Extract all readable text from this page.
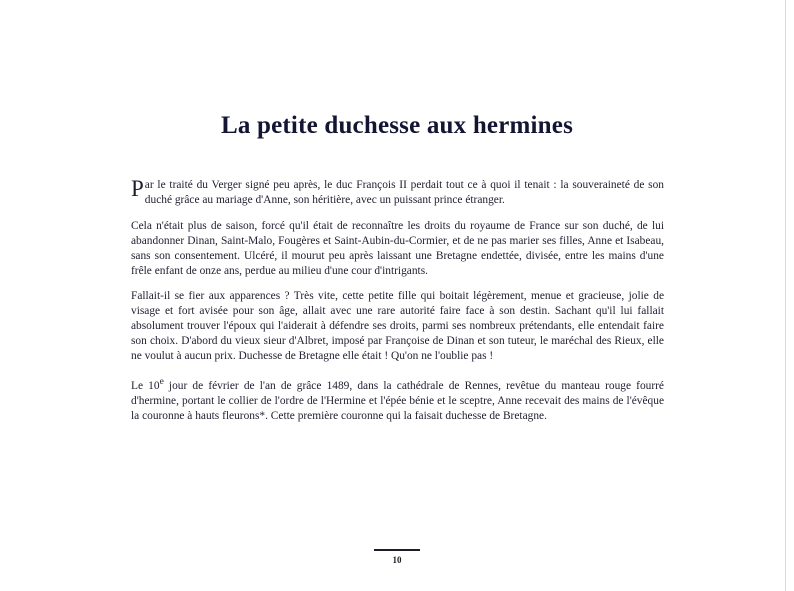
La petite duchesse aux hermines

Par le traité du Verger signé peu après, le duc François II perdait tout ce à quoi il tenait : la souveraineté de son duché grâce au mariage d'Anne, son héritière, avec un puissant prince étranger.

Cela n'était plus de saison, forcé qu'il était de reconnaître les droits du royaume de France sur son duché, de lui abandonner Dinan, Saint-Malo, Fougères et Saint-Aubin-du-Cormier, et de ne pas marier ses filles, Anne et Isabeau, sans son consentement. Ulcéré, il mourut peu après laissant une Bretagne endettée, divisée, entre les mains d'une frêle enfant de onze ans, perdue au milieu d'une cour d'intrigants.

Fallait-il se fier aux apparences ? Très vite, cette petite fille qui boitait légèrement, menue et gracieuse, jolie de visage et fort avisée pour son âge, allait avec une rare autorité faire face à son destin. Sachant qu'il lui fallait absolument trouver l'époux qui l'aiderait à défendre ses droits, parmi ses nombreux prétendants, elle entendait faire son choix. D'abord du vieux sieur d'Albret, imposé par Françoise de Dinan et son tuteur, le maréchal des Rieux, elle ne voulut à aucun prix. Duchesse de Bretagne elle était ! Qu'on ne l'oublie pas !

Le 10e jour de février de l'an de grâce 1489, dans la cathédrale de Rennes, revêtue du manteau rouge fourré d'hermine, portant le collier de l'ordre de l'Hermine et l'épée bénie et le sceptre, Anne recevait des mains de l'évêque la couronne à hauts fleurons*. Cette première couronne qui la faisait duchesse de Bretagne.

10
